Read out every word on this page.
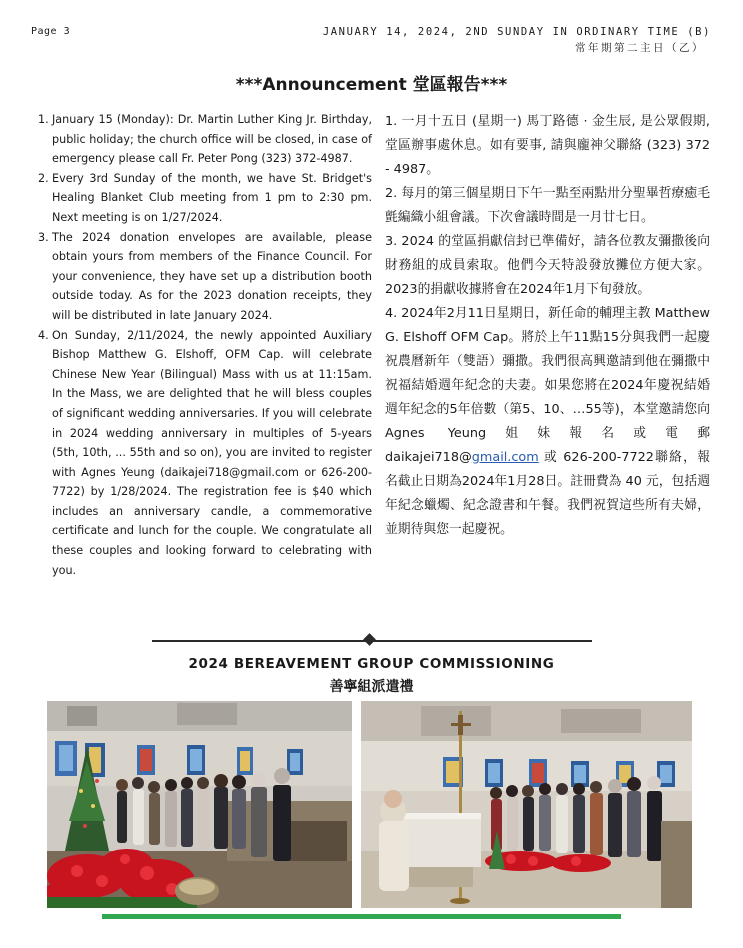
Page 3	JANUARY 14, 2024, 2ND SUNDAY IN ORDINARY TIME (B)
常年期第二主日（乙）
***Announcement 堂區報告***
1. January 15 (Monday): Dr. Martin Luther King Jr. Birthday, public holiday; the church office will be closed, in case of emergency please call Fr. Peter Pong (323) 372-4987.
2. Every 3rd Sunday of the month, we have St. Bridget's Healing Blanket Club meeting from 1 pm to 2:30 pm. Next meeting is on 1/27/2024.
3. The 2024 donation envelopes are available, please obtain yours from members of the Finance Council. For your convenience, they have set up a distribution booth outside today. As for the 2023 donation receipts, they will be distributed in late January 2024.
4. On Sunday, 2/11/2024, the newly appointed Auxiliary Bishop Matthew G. Elshoff, OFM Cap. will celebrate Chinese New Year (Bilingual) Mass with us at 11:15am. In the Mass, we are delighted that he will bless couples of significant wedding anniversaries. If you will celebrate in 2024 wedding anniversary in multiples of 5-years (5th, 10th, ... 55th and so on), you are invited to register with Agnes Yeung (daikajei718@gmail.com or 626-200-7722) by 1/28/2024. The registration fee is $40 which includes an anniversary candle, a commemorative certificate and lunch for the couple. We congratulate all these couples and looking forward to celebrating with you.

1. 一月十五日 (星期一) 馬丁路德 · 金生辰, 是公眾假期, 堂區辦事處休息。如有要事, 請與龐神父聯絡 (323) 372 - 4987。

2. 每月的第三個星期日下午一點至兩點卅分聖畢哲療癒毛氈編織小組會議。下次會議時間是一月廿七日。

3. 2024 的堂區捐獻信封已準備好，請各位教友彌撒後向財務組的成員索取。他們今天特設發放攤位方便大家。2023的捐獻收據將會在2024年1月下旬發放。

4. 2024年2月11日星期日，新任命的輔理主教 Matthew G. Elshoff OFM Cap。將於上午11點15分與我們一起慶祝農曆新年（雙語）彌撒。我們很高興邀請到他在彌撒中祝福結婚週年紀念的夫妻。如果您將在2024年慶祝結婚週年紀念的5年倍數（第5、10、…55等)，本堂邀請您向Agnes Yeung姐妹報名或電郵 daikajei718@gmail.com 或 626-200-7722聯絡，報名截止日期為2024年1月28日。註冊費為 40 元，包括週年紀念蠟燭、紀念證書和午餐。我們祝賀這些所有夫婦，並期待與您一起慶祝。

2024 BEREAVEMENT GROUP COMMISSIONING
善寧組派遣禮
